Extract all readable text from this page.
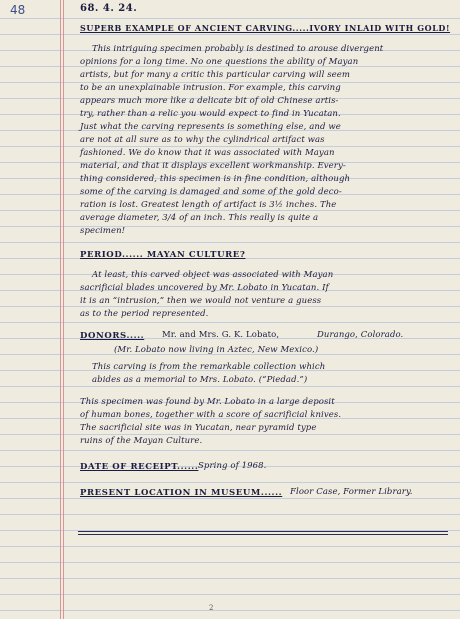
48	68. 4. 24.
SUPERB EXAMPLE OF ANCIENT CARVING.....IVORY INLAID WITH GOLD!
This intriguing specimen probably is destined to arouse divergent
opinions for a long time. No one questions the ability of Mayan
artists, but for many a critic this particular carving will seem
to be an unexplainable intrusion. For example, this carving
appears much more like a delicate bit of old Chinese artis-
try, rather than a relic you would expect to find in Yucatan.
Just what the carving represents is something else, and we
are not at all sure as to why the cylindrical artifact was
fashioned. We do know that it was associated with Mayan
material, and that it displays excellent workmanship. Every-
thing considered, this specimen is in fine condition, although
some of the carving is damaged and some of the gold deco-
ration is lost. Greatest length of artifact is 3½ inches. The
average diameter, 3/4 of an inch. This really is quite a
specimen!
PERIOD...... MAYAN CULTURE?
At least, this carved object was associated with Mayan
sacrificial blades uncovered by Mr. Lobato in Yucatan. If
it is an “intrusion,” then we would not venture a guess
as to the period represented.
DONORS..... Mr. and Mrs. G. K. Lobato,	Durango, Colorado.
(Mr. Lobato now living in Aztec, New Mexico.)
This carving is from the remarkable collection which
abides as a memorial to Mrs. Lobato. (“Piedad.”)
This specimen was found by Mr. Lobato in a large deposit
of human bones, together with a score of sacrificial knives.
The sacrificial site was in Yucatan, near pyramid type
ruins of the Mayan Culture.
DATE OF RECEIPT...... Spring of 1968.
PRESENT LOCATION IN MUSEUM...... Floor Case, Former Library.
2
